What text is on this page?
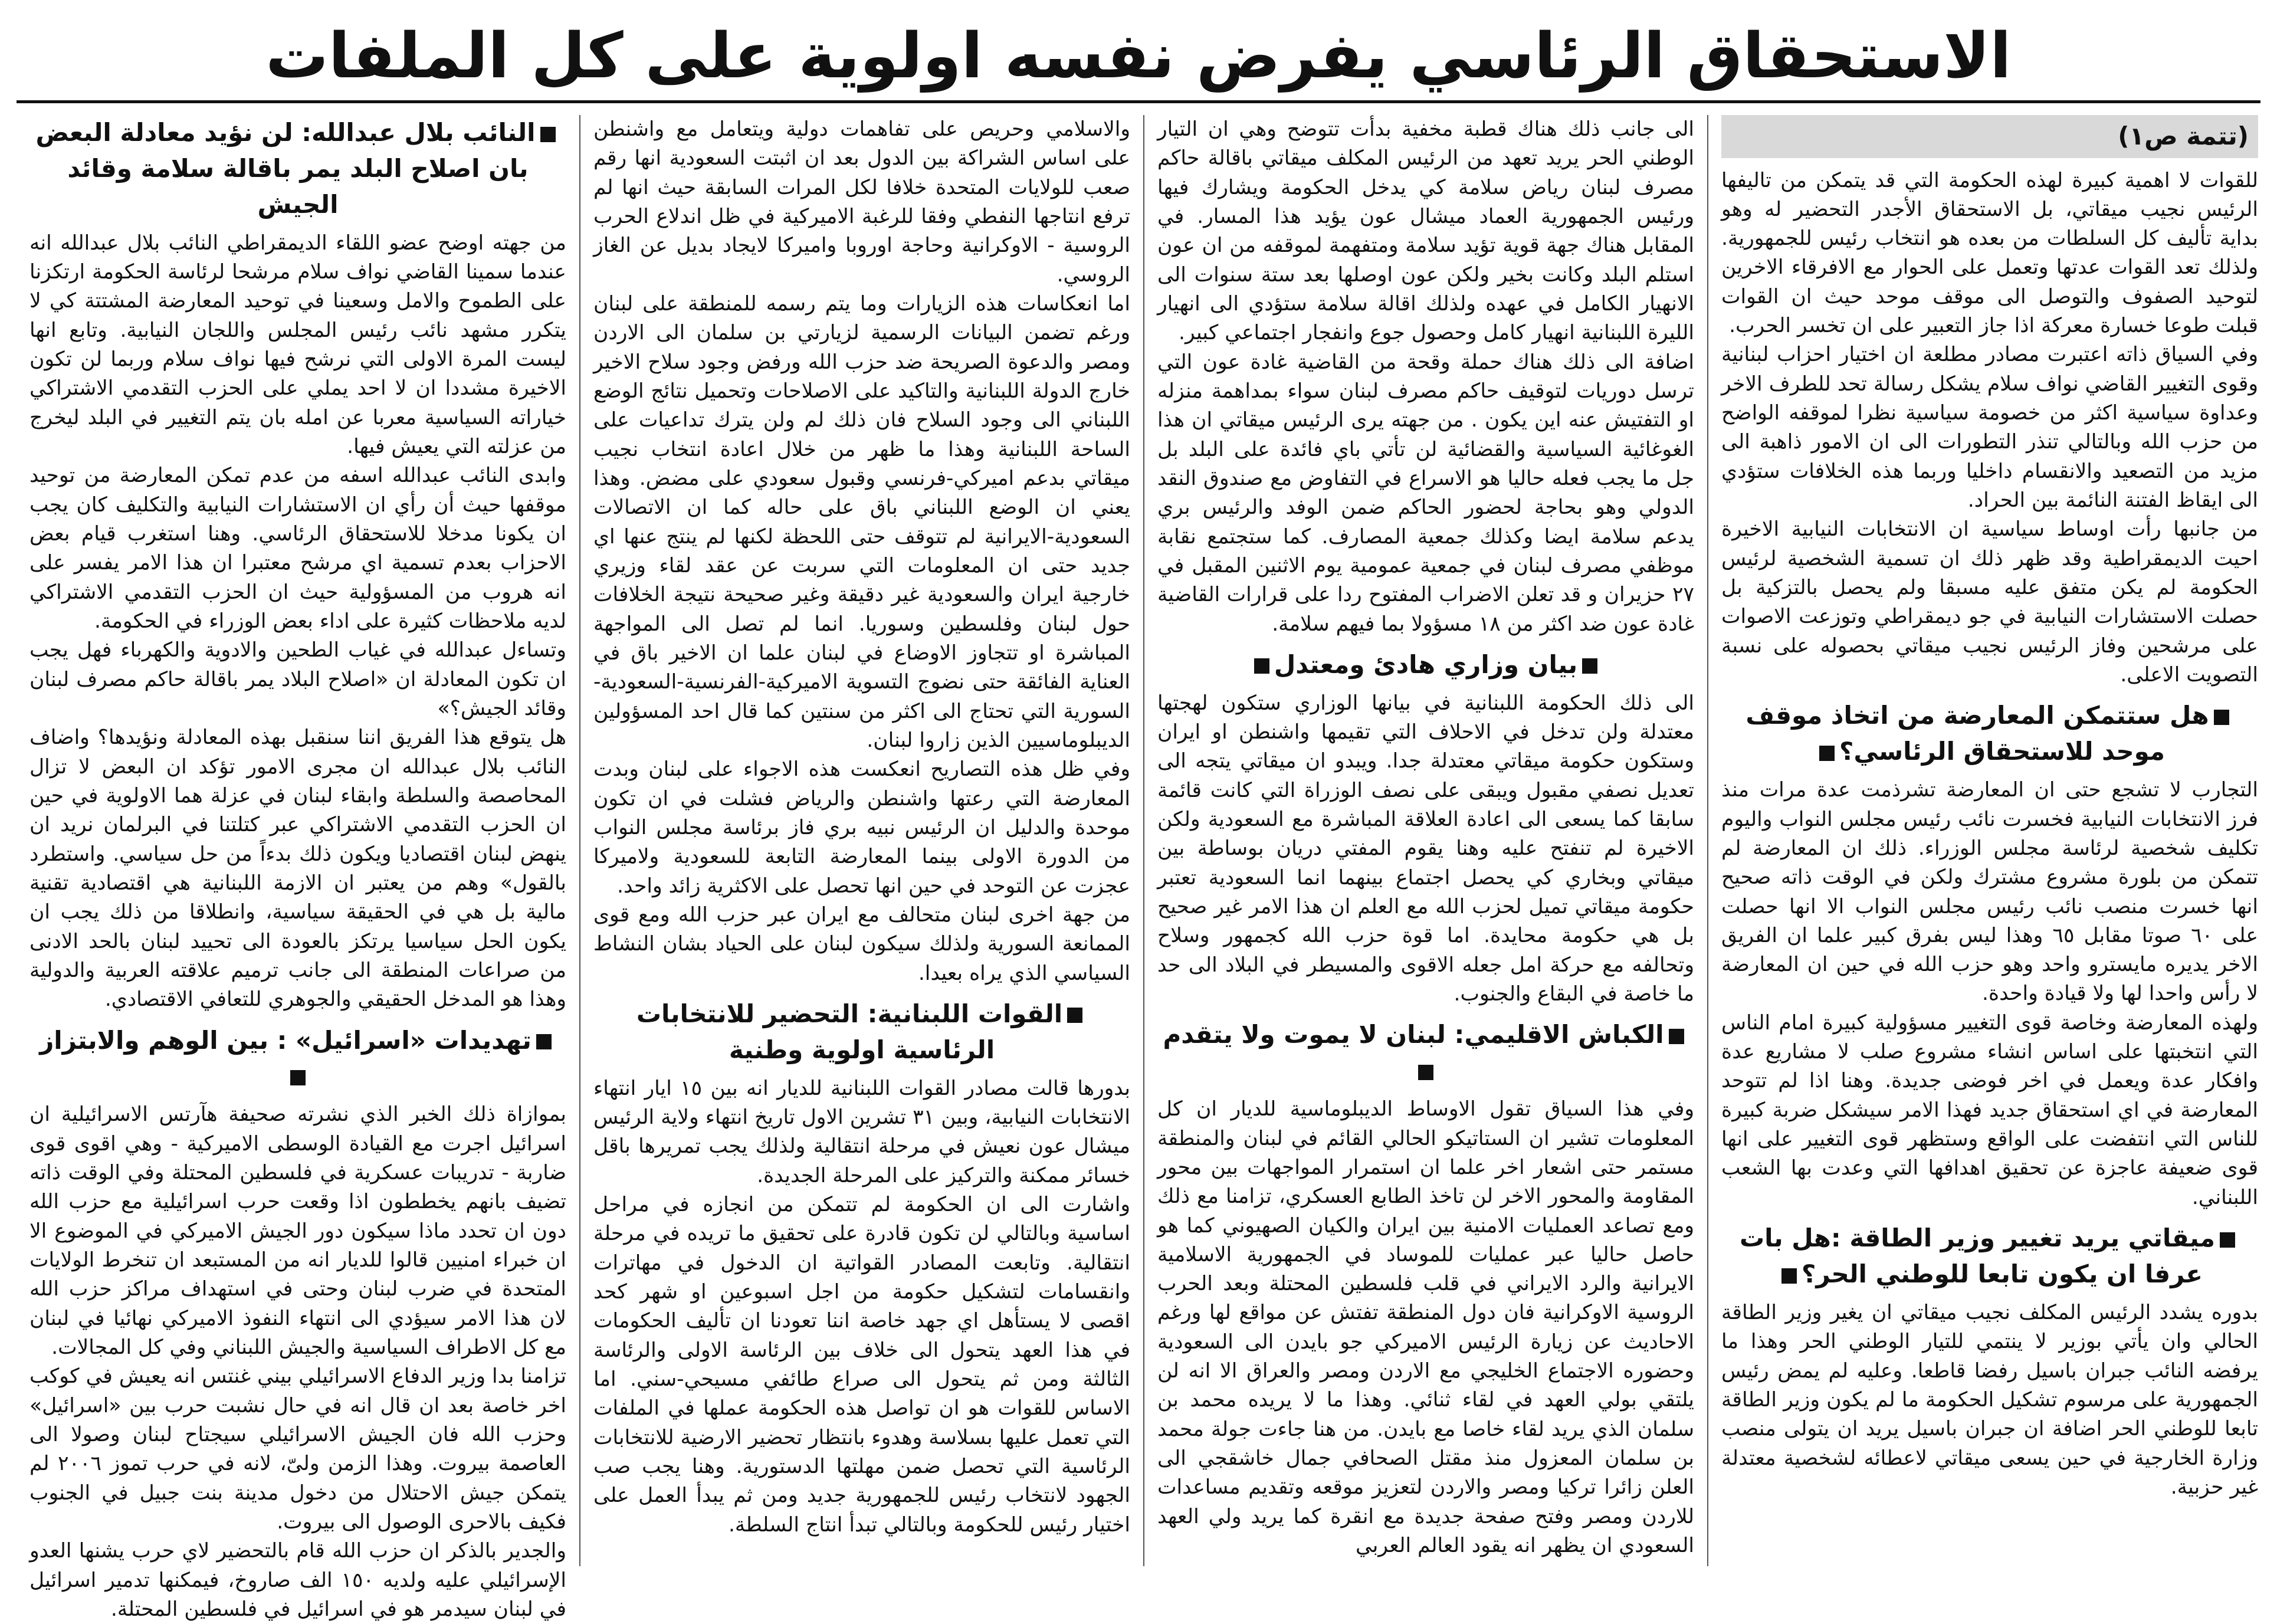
الاستحقاق الرئاسي يفرض نفسه اولوية على كل الملفات
(تتمة ص١)

للقوات لا اهمية كبيرة لهذه الحكومة التي قد يتمكن من تاليفها الرئيس نجيب ميقاتي، بل الاستحقاق الأجدر التحضير له وهو بداية تأليف كل السلطات من بعده هو انتخاب رئيس للجمهورية. ولذلك تعد القوات عدتها وتعمل على الحوار مع الافرقاء الاخرين لتوحيد الصفوف والتوصل الى موقف موحد حيث ان القوات قبلت طوعا خسارة معركة اذا جاز التعبير على ان تخسر الحرب.

وفي السياق ذاته اعتبرت مصادر مطلعة ان اختيار احزاب لبنانية وقوى التغيير القاضي نواف سلام يشكل رسالة تحد للطرف الاخر وعداوة سياسية اكثر من خصومة سياسية نظرا لموقفه الواضح من حزب الله وبالتالي تنذر التطورات الى ان الامور ذاهبة الى مزيد من التصعيد والانقسام داخليا وربما هذه الخلافات ستؤدي الى ايقاظ الفتنة النائمة بين الحراد.

من جانبها رأت اوساط سياسية ان الانتخابات النيابية الاخيرة احيت الديمقراطية وقد ظهر ذلك ان تسمية الشخصية لرئيس الحكومة لم يكن متفق عليه مسبقا ولم يحصل بالتزكية بل حصلت الاستشارات النيابية في جو ديمقراطي وتوزعت الاصوات على مرشحين وفاز الرئيس نجيب ميقاتي بحصوله على نسبة التصويت الاعلى.

هل ستتمكن المعارضة من اتخاذ موقف موحد للاستحقاق الرئاسي؟

التجارب لا تشجع حتى ان المعارضة تشرذمت عدة مرات منذ فرز الانتخابات النيابية فخسرت نائب رئيس مجلس النواب واليوم تكليف شخصية لرئاسة مجلس الوزراء. ذلك ان المعارضة لم تتمكن من بلورة مشروع مشترك ولكن في الوقت ذاته صحيح انها خسرت منصب نائب رئيس مجلس النواب الا انها حصلت على ٦٠ صوتا مقابل ٦٥ وهذا ليس بفرق كبير علما ان الفريق الاخر يديره مايسترو واحد وهو حزب الله في حين ان المعارضة لا رأس واحدا لها ولا قيادة واحدة.

ولهذه المعارضة وخاصة قوى التغيير مسؤولية كبيرة امام الناس التي انتخبتها على اساس انشاء مشروع صلب لا مشاريع عدة وافكار عدة ويعمل في اخر فوضى جديدة. وهنا اذا لم تتوحد المعارضة في اي استحقاق جديد فهذا الامر سيشكل ضربة كبيرة للناس التي انتفضت على الواقع وستظهر قوى التغيير على انها قوى ضعيفة عاجزة عن تحقيق اهدافها التي وعدت بها الشعب اللبناني.

ميقاتي يريد تغيير وزير الطاقة :هل بات عرفا ان يكون تابعا للوطني الحر؟

بدوره يشدد الرئيس المكلف نجيب ميقاتي ان يغير وزير الطاقة الحالي وان يأتي بوزير لا ينتمي للتيار الوطني الحر وهذا ما يرفضه النائب جبران باسيل رفضا قاطعا. وعليه لم يمض رئيس الجمهورية على مرسوم تشكيل الحكومة ما لم يكون وزير الطاقة تابعا للوطني الحر اضافة ان جبران باسيل يريد ان يتولى منصب وزارة الخارجية في حين يسعى ميقاتي لاعطائه لشخصية معتدلة غير حزبية.

الى جانب ذلك هناك قطبة مخفية بدأت تتوضح وهي ان التيار الوطني الحر يريد تعهد من الرئيس المكلف ميقاتي باقالة حاكم مصرف لبنان رياض سلامة كي يدخل الحكومة ويشارك فيها ورئيس الجمهورية العماد ميشال عون يؤيد هذا المسار. في المقابل هناك جهة قوية تؤيد سلامة ومتفهمة لموقفه من ان عون استلم البلد وكانت بخير ولكن عون اوصلها بعد ستة سنوات الى الانهيار الكامل في عهده ولذلك اقالة سلامة ستؤدي الى انهيار الليرة اللبنانية انهيار كامل وحصول جوع وانفجار اجتماعي كبير.

اضافة الى ذلك هناك حملة وقحة من القاضية غادة عون التي ترسل دوريات لتوقيف حاكم مصرف لبنان سواء بمداهمة منزله او التفتيش عنه اين يكون . من جهته يرى الرئيس ميقاتي ان هذا الغوغائية السياسية والقضائية لن تأتي باي فائدة على البلد بل جل ما يجب فعله حاليا هو الاسراع في التفاوض مع صندوق النقد الدولي وهو بحاجة لحضور الحاكم ضمن الوفد والرئيس بري يدعم سلامة ايضا وكذلك جمعية المصارف. كما ستجتمع نقابة موظفي مصرف لبنان في جمعية عمومية يوم الاثنين المقبل في ٢٧ حزيران و قد تعلن الاضراب المفتوح ردا على قرارات القاضية غادة عون ضد اكثر من ١٨ مسؤولا بما فيهم سلامة.

بيان وزاري هادئ ومعتدل

الى ذلك الحكومة اللبنانية في بيانها الوزاري ستكون لهجتها معتدلة ولن تدخل في الاحلاف التي تقيمها واشنطن او ايران وستكون حكومة ميقاتي معتدلة جدا. ويبدو ان ميقاتي يتجه الى تعديل نصفي مقبول ويبقى على نصف الوزراة التي كانت قائمة سابقا كما يسعى الى اعادة العلاقة المباشرة مع السعودية ولكن الاخيرة لم تنفتح عليه وهنا يقوم المفتي دريان بوساطة بين ميقاتي وبخاري كي يحصل اجتماع بينهما انما السعودية تعتبر حكومة ميقاتي تميل لحزب الله مع العلم ان هذا الامر غير صحيح بل هي حكومة محايدة. اما قوة حزب الله كجمهور وسلاح وتحالفه مع حركة امل جعله الاقوى والمسيطر في البلاد الى حد ما خاصة في البقاع والجنوب.

الكباش الاقليمي: لبنان لا يموت ولا يتقدم

وفي هذا السياق تقول الاوساط الديبلوماسية للديار ان كل المعلومات تشير ان الستاتيكو الحالي القائم في لبنان والمنطقة مستمر حتى اشعار اخر علما ان استمرار المواجهات بين محور المقاومة والمحور الاخر لن تاخذ الطابع العسكري، تزامنا مع ذلك ومع تصاعد العمليات الامنية بين ايران والكيان الصهيوني كما هو حاصل حاليا عبر عمليات للموساد في الجمهورية الاسلامية الايرانية والرد الايراني في قلب فلسطين المحتلة وبعد الحرب الروسية الاوكرانية فان دول المنطقة تفتش عن مواقع لها ورغم الاحاديث عن زيارة الرئيس الاميركي جو بايدن الى السعودية وحضوره الاجتماع الخليجي مع الاردن ومصر والعراق الا انه لن يلتقي بولي العهد في لقاء ثنائي. وهذا ما لا يريده محمد بن سلمان الذي يريد لقاء خاصا مع بايدن. من هنا جاءت جولة محمد بن سلمان المعزول منذ مقتل الصحافي جمال خاشقجي الى العلن زائرا تركيا ومصر والاردن لتعزيز موقعه وتقديم مساعدات للاردن ومصر وفتح صفحة جديدة مع انقرة كما يريد ولي العهد السعودي ان يظهر انه يقود العالم العربي

والاسلامي وحريص على تفاهمات دولية ويتعامل مع واشنطن على اساس الشراكة بين الدول بعد ان اثبتت السعودية انها رقم صعب للولايات المتحدة خلافا لكل المرات السابقة حيث انها لم ترفع انتاجها النفطي وفقا للرغبة الاميركية في ظل اندلاع الحرب الروسية - الاوكرانية وحاجة اوروبا واميركا لايجاد بديل عن الغاز الروسي.

اما انعكاسات هذه الزيارات وما يتم رسمه للمنطقة على لبنان ورغم تضمن البيانات الرسمية لزيارتي بن سلمان الى الاردن ومصر والدعوة الصريحة ضد حزب الله ورفض وجود سلاح الاخير خارج الدولة اللبنانية والتاكيد على الاصلاحات وتحميل نتائج الوضع اللبناني الى وجود السلاح فان ذلك لم ولن يترك تداعيات على الساحة اللبنانية وهذا ما ظهر من خلال اعادة انتخاب نجيب ميقاتي بدعم اميركي-فرنسي وقبول سعودي على مضض. وهذا يعني ان الوضع اللبناني باق على حاله كما ان الاتصالات السعودية-الايرانية لم تتوقف حتى اللحظة لكنها لم ينتج عنها اي جديد حتى ان المعلومات التي سربت عن عقد لقاء وزيري خارجية ايران والسعودية غير دقيقة وغير صحيحة نتيجة الخلافات حول لبنان وفلسطين وسوريا. انما لم تصل الى المواجهة المباشرة او تتجاوز الاوضاع في لبنان علما ان الاخير باق في العناية الفائقة حتى نضوج التسوية الاميركية-الفرنسية-السعودية-السورية التي تحتاج الى اكثر من سنتين كما قال احد المسؤولين الديبلوماسيين الذين زاروا لبنان.

وفي ظل هذه التصاريح انعكست هذه الاجواء على لبنان وبدت المعارضة التي رعتها واشنطن والرياض فشلت في ان تكون موحدة والدليل ان الرئيس نبيه بري فاز برئاسة مجلس النواب من الدورة الاولى بينما المعارضة التابعة للسعودية ولاميركا عجزت عن التوحد في حين انها تحصل على الاكثرية زائد واحد.

من جهة اخرى لبنان متحالف مع ايران عبر حزب الله ومع قوى الممانعة السورية ولذلك سيكون لبنان على الحياد بشان النشاط السياسي الذي يراه بعيدا.

القوات اللبنانية: التحضير للانتخابات الرئاسية اولوية وطنية

بدورها قالت مصادر القوات اللبنانية للديار انه بين ١٥ ايار انتهاء الانتخابات النيابية، وبين ٣١ تشرين الاول تاريخ انتهاء ولاية الرئيس ميشال عون نعيش في مرحلة انتقالية ولذلك يجب تمريرها باقل خسائر ممكنة والتركيز على المرحلة الجديدة.

واشارت الى ان الحكومة لم تتمكن من انجازه في مراحل اساسية وبالتالي لن تكون قادرة على تحقيق ما تريده في مرحلة انتقالية. وتابعت المصادر القواتية ان الدخول في مهاترات وانقسامات لتشكيل حكومة من اجل اسبوعين او شهر كحد اقصى لا يستأهل اي جهد خاصة اننا تعودنا ان تأليف الحكومات في هذا العهد يتحول الى خلاف بين الرئاسة الاولى والرئاسة الثالثة ومن ثم يتحول الى صراع طائفي مسيحي-سني. اما الاساس للقوات هو ان تواصل هذه الحكومة عملها في الملفات التي تعمل عليها بسلاسة وهدوء بانتظار تحضير الارضية للانتخابات الرئاسية التي تحصل ضمن مهلتها الدستورية. وهنا يجب صب الجهود لانتخاب رئيس للجمهورية جديد ومن ثم يبدأ العمل على اختيار رئيس للحكومة وبالتالي تبدأ انتاج السلطة.

النائب بلال عبدالله: لن نؤيد معادلة البعض بان اصلاح البلد يمر باقالة سلامة وقائد الجيش

من جهته اوضح عضو اللقاء الديمقراطي النائب بلال عبدالله انه عندما سمينا القاضي نواف سلام مرشحا لرئاسة الحكومة ارتكزنا على الطموح والامل وسعينا في توحيد المعارضة المشتتة كي لا يتكرر مشهد نائب رئيس المجلس واللجان النيابية. وتابع انها ليست المرة الاولى التي نرشح فيها نواف سلام وربما لن تكون الاخيرة مشددا ان لا احد يملي على الحزب التقدمي الاشتراكي خياراته السياسية معربا عن امله بان يتم التغيير في البلد ليخرج من عزلته التي يعيش فيها.

وابدى النائب عبدالله اسفه من عدم تمكن المعارضة من توحيد موقفها حيث أن رأي ان الاستشارات النيابية والتكليف كان يجب ان يكونا مدخلا للاستحقاق الرئاسي. وهنا استغرب قيام بعض الاحزاب بعدم تسمية اي مرشح معتبرا ان هذا الامر يفسر على انه هروب من المسؤولية حيث ان الحزب التقدمي الاشتراكي لديه ملاحظات كثيرة على اداء بعض الوزراء في الحكومة.

وتساءل عبدالله في غياب الطحين والادوية والكهرباء فهل يجب ان تكون المعادلة ان «اصلاح البلاد يمر باقالة حاكم مصرف لبنان وقائد الجيش؟»

هل يتوقع هذا الفريق اننا سنقبل بهذه المعادلة ونؤيدها؟ واضاف النائب بلال عبدالله ان مجرى الامور تؤكد ان البعض لا تزال المحاصصة والسلطة وابقاء لبنان في عزلة هما الاولوية في حين ان الحزب التقدمي الاشتراكي عبر كتلتنا في البرلمان نريد ان ينهض لبنان اقتصاديا ويكون ذلك بدءاً من حل سياسي. واستطرد بالقول» وهم من يعتبر ان الازمة اللبنانية هي اقتصادية تقنية مالية بل هي في الحقيقة سياسية، وانطلاقا من ذلك يجب ان يكون الحل سياسيا يرتكز بالعودة الى تحييد لبنان بالحد الادنى من صراعات المنطقة الى جانب ترميم علاقته العربية والدولية وهذا هو المدخل الحقيقي والجوهري للتعافي الاقتصادي.

تهديدات «اسرائيل» : بين الوهم والابتزاز

بموازاة ذلك الخبر الذي نشرته صحيفة هآرتس الاسرائيلية ان اسرائيل اجرت مع القيادة الوسطى الاميركية - وهي اقوى قوى ضاربة - تدريبات عسكرية في فلسطين المحتلة وفي الوقت ذاته تضيف بانهم يخططون اذا وقعت حرب اسرائيلية مع حزب الله دون ان تحدد ماذا سيكون دور الجيش الاميركي في الموضوع الا ان خبراء امنيين قالوا للديار انه من المستبعد ان تنخرط الولايات المتحدة في ضرب لبنان وحتى في استهداف مراكز حزب الله لان هذا الامر سيؤدي الى انتهاء النفوذ الاميركي نهائيا في لبنان مع كل الاطراف السياسية والجيش اللبناني وفي كل المجالات.

تزامنا بدا وزير الدفاع الاسرائيلي بيني غنتس انه يعيش في كوكب اخر خاصة بعد ان قال انه في حال نشبت حرب بين «اسرائيل» وحزب الله فان الجيش الاسرائيلي سيجتاح لبنان وصولا الى العاصمة بيروت. وهذا الزمن ولىّ، لانه في حرب تموز ٢٠٠٦ لم يتمكن جيش الاحتلال من دخول مدينة بنت جبيل في الجنوب فكيف بالاحرى الوصول الى بيروت.

والجدير بالذكر ان حزب الله قام بالتحضير لاي حرب يشنها العدو الإسرائيلي عليه ولديه ١٥٠ الف صاروخ، فيمكنها تدمير اسرائيل في لبنان سيدمر هو في اسرائيل في فلسطين المحتلة.
